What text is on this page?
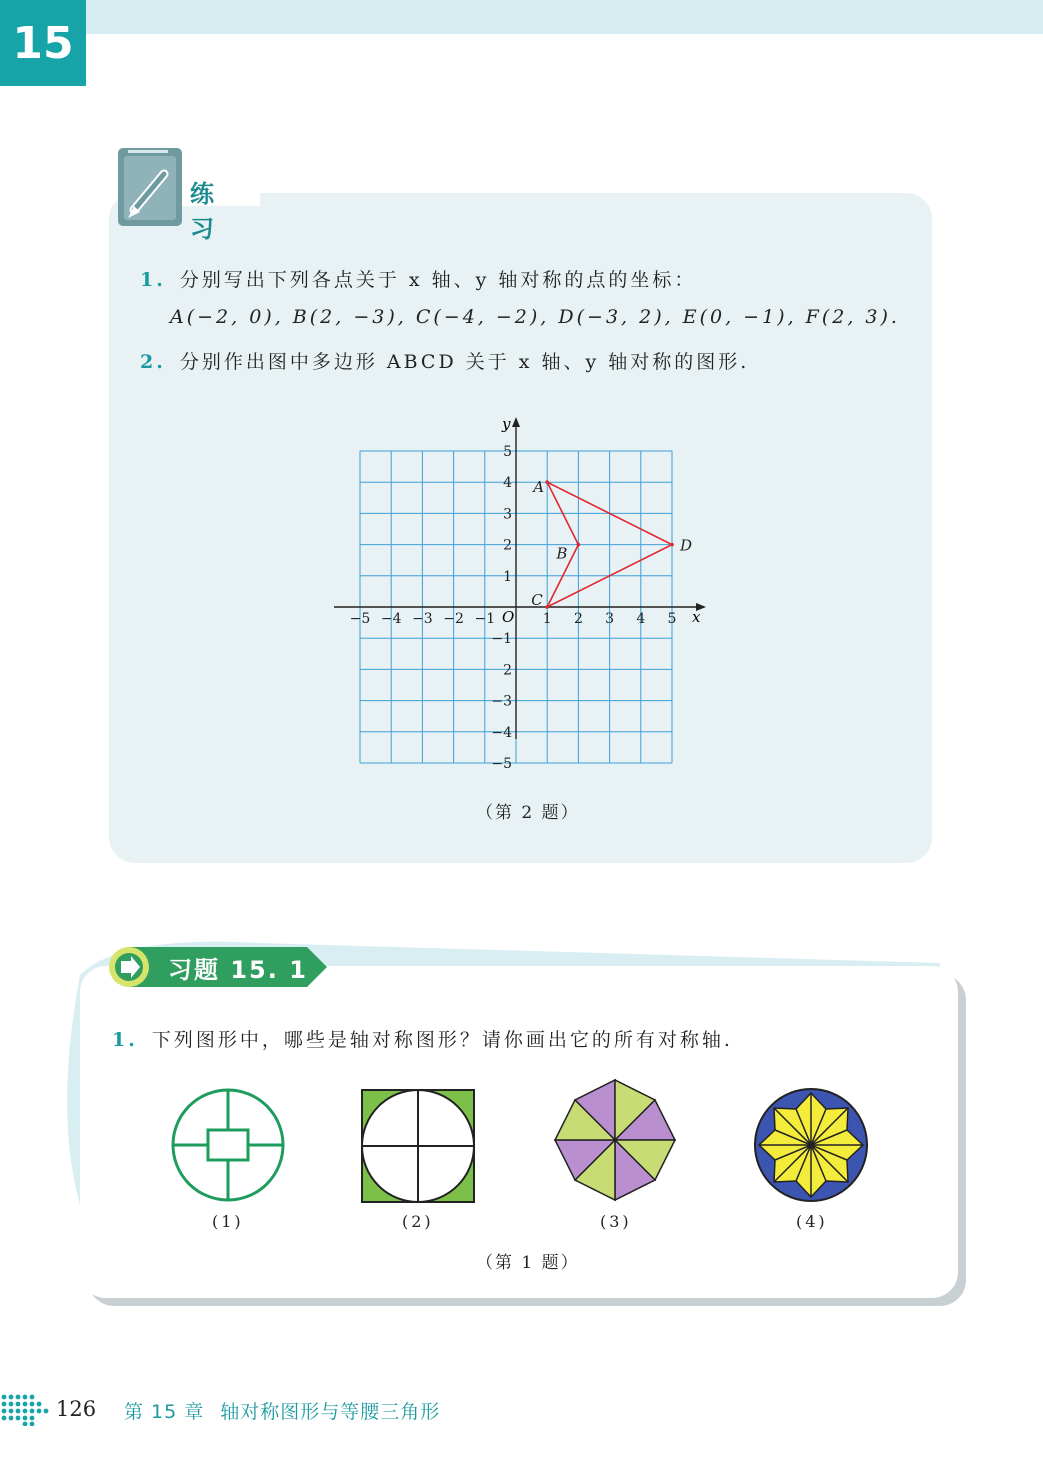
15
练 习
1. 分别写出下列各点关于 x 轴、y 轴对称的点的坐标：
A(−2, 0), B(2, −3), C(−4, −2), D(−3, 2), E(0, −1), F(2, 3).
2. 分别作出图中多边形 ABCD 关于 x 轴、y 轴对称的图形.
x
y
O
−5 −4 −3 −2 −1	1 2 3 4 5
5
4
3
2
1
−1
2
−3
−4
−5
A
B
C
D
（第 2 题）
习题 15. 1
1. 下列图形中，哪些是轴对称图形？请你画出它的所有对称轴.
(1)	(2)	(3)	(4)
（第 1 题）
126 第 15 章 轴对称图形与等腰三角形
